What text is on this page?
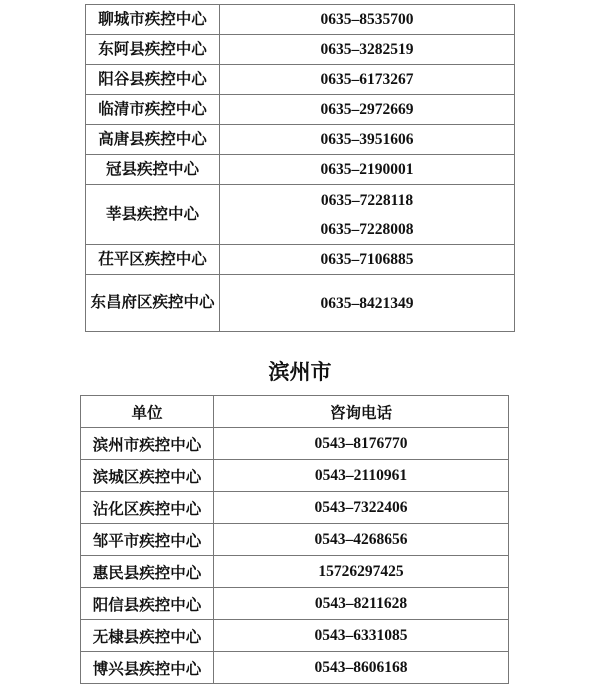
聊城市疾控中心	0635–8535700

东阿县疾控中心	0635–3282519

阳谷县疾控中心	0635–6173267

临清市疾控中心	0635–2972669

高唐县疾控中心	0635–3951606

冠县疾控中心	0635–2190001

莘县疾控中心	0635–7228118
0635–7228008

茌平区疾控中心	0635–7106885

东昌府区疾控中心	0635–8421349
滨州市
单位	咨询电话
滨州市疾控中心	0543–8176770
滨城区疾控中心	0543–2110961
沾化区疾控中心	0543–7322406
邹平市疾控中心	0543–4268656
惠民县疾控中心	15726297425
阳信县疾控中心	0543–8211628
无棣县疾控中心	0543–6331085
博兴县疾控中心	0543–8606168
